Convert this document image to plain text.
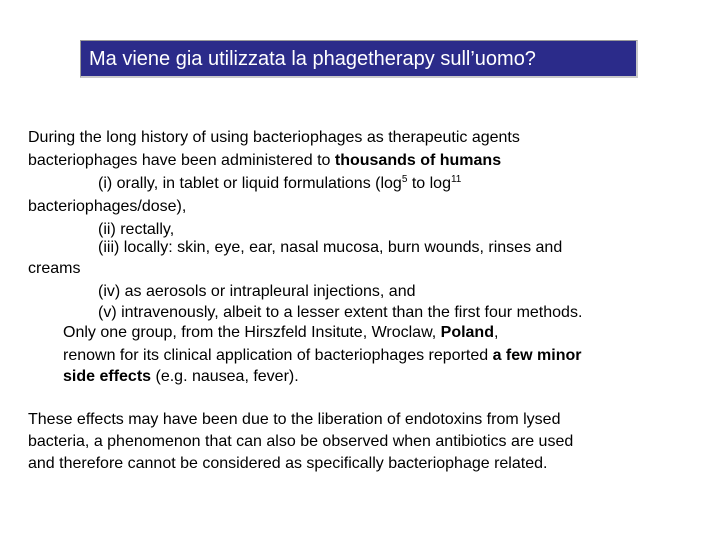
Ma viene gia utilizzata la phagetherapy sull’uomo?
During the long history of using bacteriophages as therapeutic agents
bacteriophages have been administered to thousands of humans
(i) orally, in tablet or liquid formulations ($\log^5$ to $\log^{11}$
bacteriophages/dose),
(ii) rectally,
(iii) locally: skin, eye, ear, nasal mucosa, burn wounds, rinses and
creams
(iv) as aerosols or intrapleural injections, and
(v) intravenously, albeit to a lesser extent than the first four methods.
Only one group, from the Hirszfeld Insitute, Wroclaw, Poland,
renown for its clinical application of bacteriophages reported a few minor
side effects (e.g. nausea, fever).
These effects may have been due to the liberation of endotoxins from lysed
bacteria, a phenomenon that can also be observed when antibiotics are used
and therefore cannot be considered as specifically bacteriophage related.
